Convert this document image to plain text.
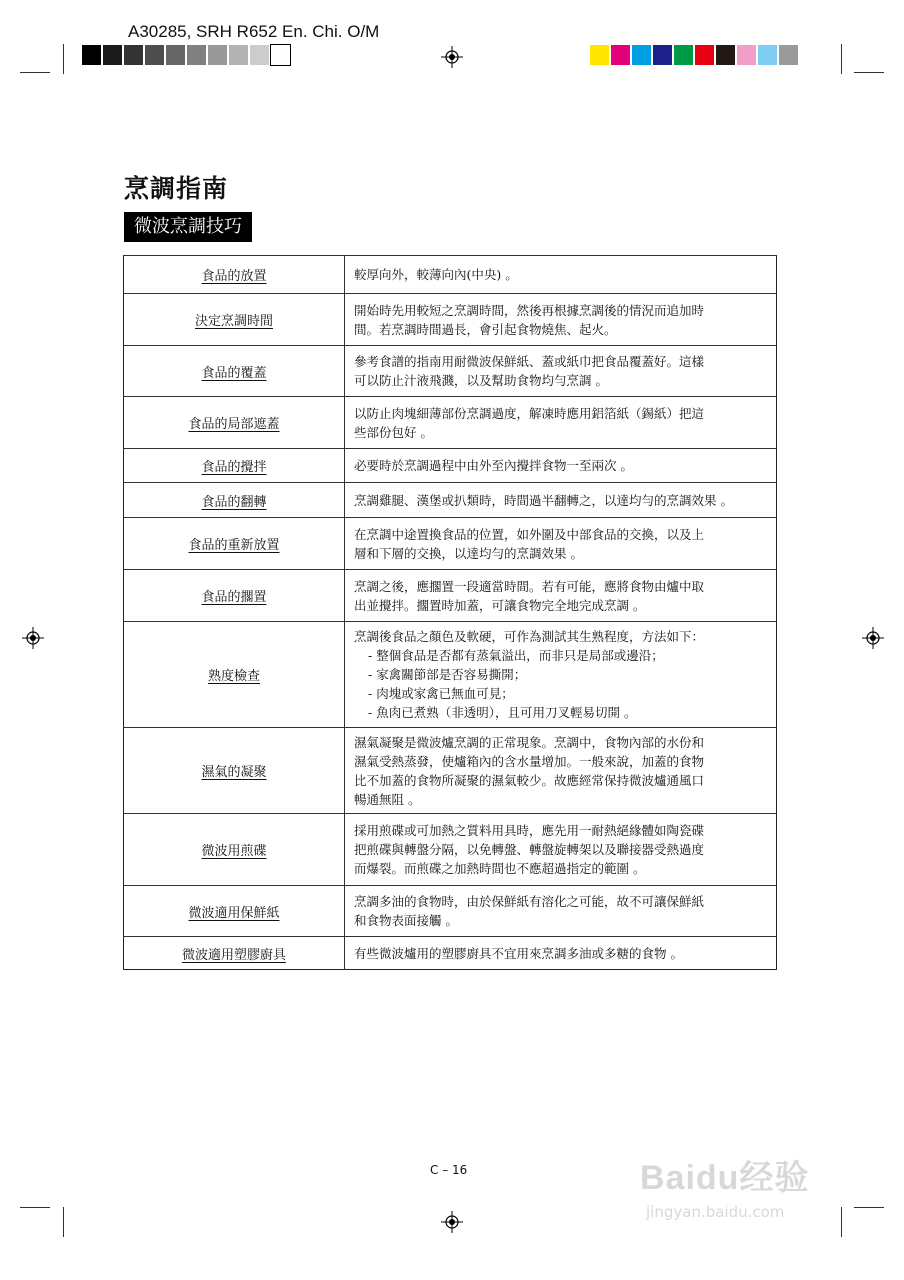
A30285, SRH R652 En. Chi. O/M
烹調指南
微波烹調技巧
食品的放置	較厚向外，較薄向內(中央) 。

決定烹調時間	開始時先用較短之烹調時間，然後再根據烹調後的情況而追加時
間。若烹調時間過長，會引起食物燒焦、起火。

食品的覆蓋	參考食譜的指南用耐微波保鮮紙、蓋或紙巾把食品覆蓋好。這樣
可以防止汁液飛濺，以及幫助食物均勻烹調 。

食品的局部遮蓋	以防止肉塊細薄部份烹調過度，解凍時應用鋁箔紙（錫紙）把這
些部份包好 。

食品的攪拌	必要時於烹調過程中由外至內攪拌食物一至兩次 。

食品的翻轉	烹調雞腿、漢堡或扒類時，時間過半翻轉之，以達均勻的烹調效果 。

食品的重新放置	在烹調中途置換食品的位置，如外圍及中部食品的交換，以及上
層和下層的交換，以達均勻的烹調效果 。

食品的擱置	烹調之後，應擱置一段適當時間。若有可能，應將食物由爐中取
出並攪拌。擱置時加蓋，可讓食物完全地完成烹調 。

熟度檢查	烹調後食品之顏色及軟硬，可作為測試其生熟程度，方法如下：
- 整個食品是否都有蒸氣溢出，而非只是局部或邊沿；
- 家禽關節部是否容易撕開；
- 肉塊或家禽已無血可見；
- 魚肉已煮熟（非透明），且可用刀叉輕易切開 。

濕氣的凝聚	濕氣凝聚是微波爐烹調的正常現象。烹調中，食物內部的水份和
濕氣受熱蒸發，使爐箱內的含水量增加。一般來說，加蓋的食物
比不加蓋的食物所凝聚的濕氣較少。故應經常保持微波爐通風口
暢通無阻 。

微波用煎碟	採用煎碟或可加熱之質料用具時，應先用一耐熱絕緣體如陶瓷碟
把煎碟與轉盤分隔，以免轉盤、轉盤旋轉架以及聯接器受熱過度
而爆裂。而煎碟之加熱時間也不應超過指定的範圍 。

微波適用保鮮紙	烹調多油的食物時，由於保鮮紙有溶化之可能，故不可讓保鮮紙
和食物表面接觸 。

微波適用塑膠廚具	有些微波爐用的塑膠廚具不宜用來烹調多油或多糖的食物 。
C – 16	Baidu经验
jingyan.baidu.com
